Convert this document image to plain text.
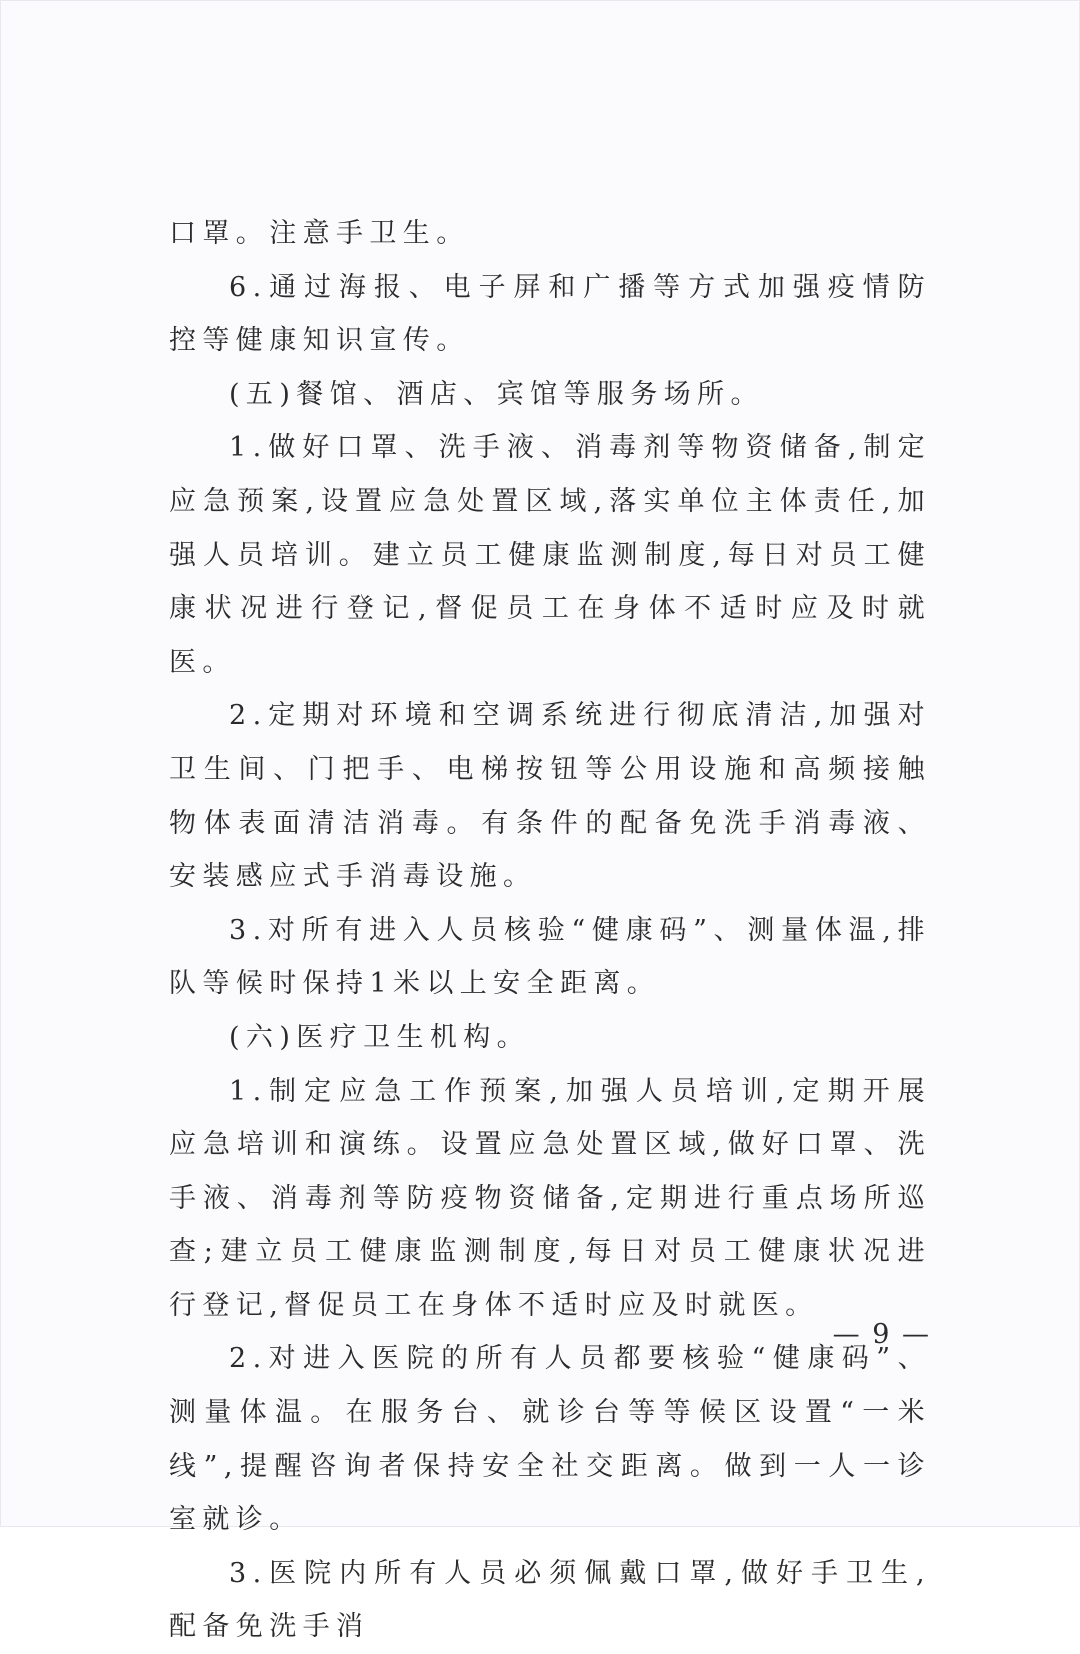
口罩。注意手卫生。

6.通过海报、电子屏和广播等方式加强疫情防控等健康知识宣传。

(五)餐馆、酒店、宾馆等服务场所。

1.做好口罩、洗手液、消毒剂等物资储备,制定应急预案,设置应急处置区域,落实单位主体责任,加强人员培训。建立员工健康监测制度,每日对员工健康状况进行登记,督促员工在身体不适时应及时就医。

2.定期对环境和空调系统进行彻底清洁,加强对卫生间、门把手、电梯按钮等公用设施和高频接触物体表面清洁消毒。有条件的配备免洗手消毒液、安装感应式手消毒设施。

3.对所有进入人员核验“健康码”、测量体温,排队等候时保持1米以上安全距离。

(六)医疗卫生机构。

1.制定应急工作预案,加强人员培训,定期开展应急培训和演练。设置应急处置区域,做好口罩、洗手液、消毒剂等防疫物资储备,定期进行重点场所巡查;建立员工健康监测制度,每日对员工健康状况进行登记,督促员工在身体不适时应及时就医。

2.对进入医院的所有人员都要核验“健康码”、测量体温。在服务台、就诊台等等候区设置“一米线”,提醒咨询者保持安全社交距离。做到一人一诊室就诊。

3.医院内所有人员必须佩戴口罩,做好手卫生,配备免洗手消

— 9 —
